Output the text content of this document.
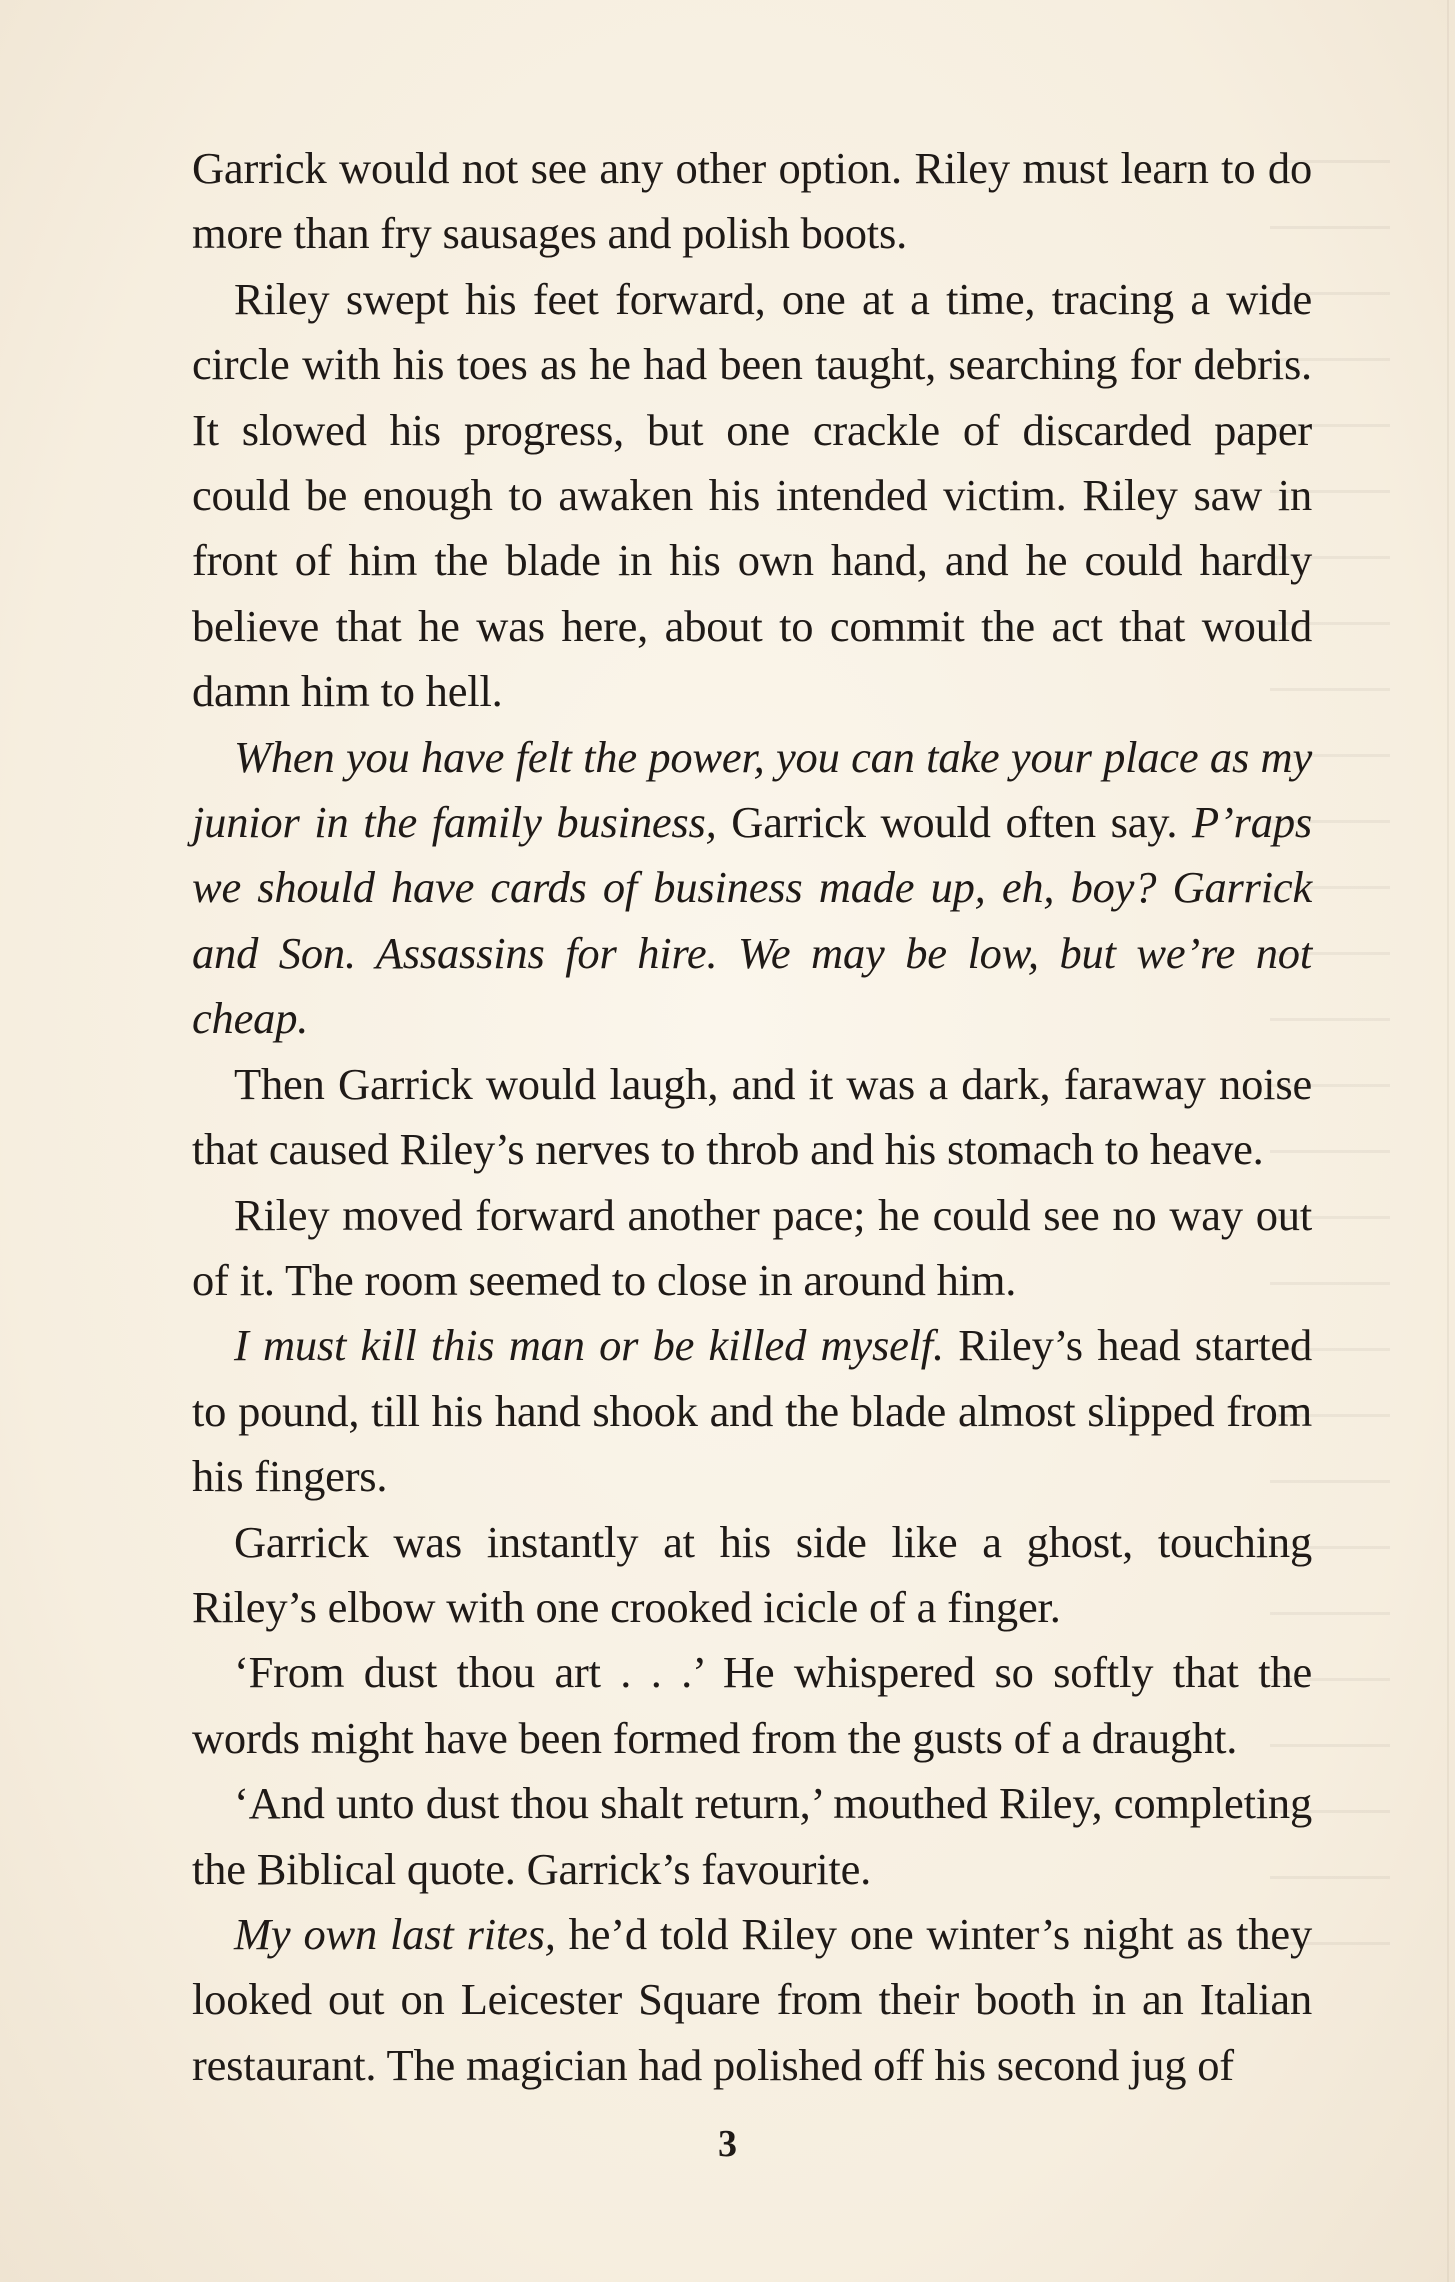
Garrick would not see any other option. Riley must learn to do more than fry sausages and polish boots.

Riley swept his feet forward, one at a time, tracing a wide circle with his toes as he had been taught, searching for debris. It slowed his progress, but one crackle of discarded paper could be enough to awaken his intended victim. Riley saw in front of him the blade in his own hand, and he could hardly believe that he was here, about to commit the act that would damn him to hell.

When you have felt the power, you can take your place as my junior in the family business, Garrick would often say. P’raps we should have cards of business made up, eh, boy? Garrick and Son. Assassins for hire. We may be low, but we’re not cheap.

Then Garrick would laugh, and it was a dark, faraway noise that caused Riley’s nerves to throb and his stomach to heave.

Riley moved forward another pace; he could see no way out of it. The room seemed to close in around him.

I must kill this man or be killed myself. Riley’s head started to pound, till his hand shook and the blade almost slipped from his fingers.

Garrick was instantly at his side like a ghost, touching Riley’s elbow with one crooked icicle of a finger.

‘From dust thou art . . .’ He whispered so softly that the words might have been formed from the gusts of a draught.

‘And unto dust thou shalt return,’ mouthed Riley, completing the Biblical quote. Garrick’s favourite.

My own last rites, he’d told Riley one winter’s night as they looked out on Leicester Square from their booth in an Italian restaurant. The magician had polished off his second jug of

3
